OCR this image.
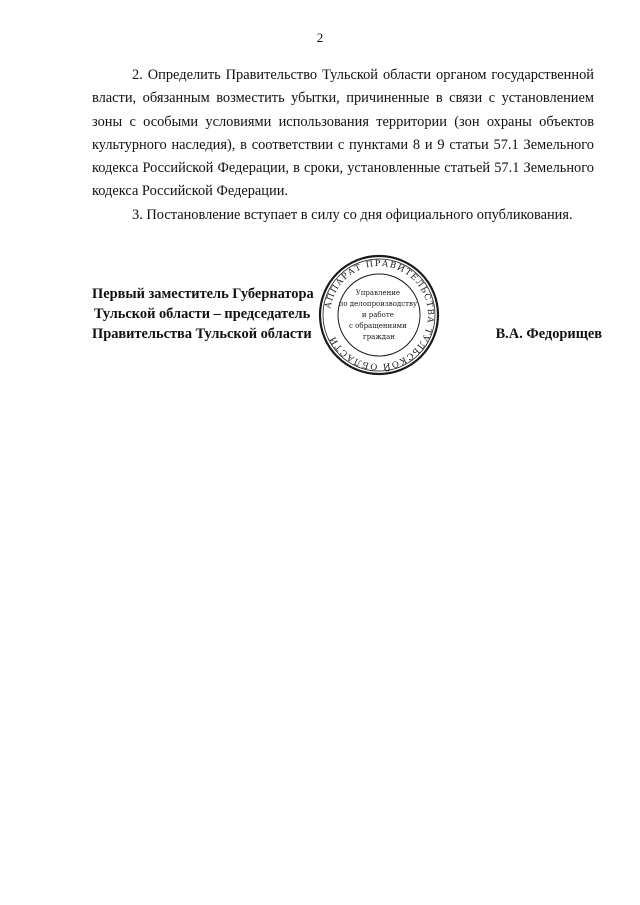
2

2. Определить Правительство Тульской области органом государственной власти, обязанным возместить убытки, причиненные в связи с установлением зоны с особыми условиями использования территории (зон охраны объектов культурного наследия), в соответствии с пунктами 8 и 9 статьи 57.1 Земельного кодекса Российской Федерации, в сроки, установленные статьей 57.1 Земельного кодекса Российской Федерации.

3. Постановление вступает в силу со дня официального опубликования.

Первый заместитель Губернатора
Тульской области – председатель
Правительства Тульской области	В.А. Федорищев
АППАРАТ ПРАВИТЕЛЬСТВА ТУЛЬСКОЙ ОБЛАСТИ
Управление по делопроизводству и работе с обращениями граждан
